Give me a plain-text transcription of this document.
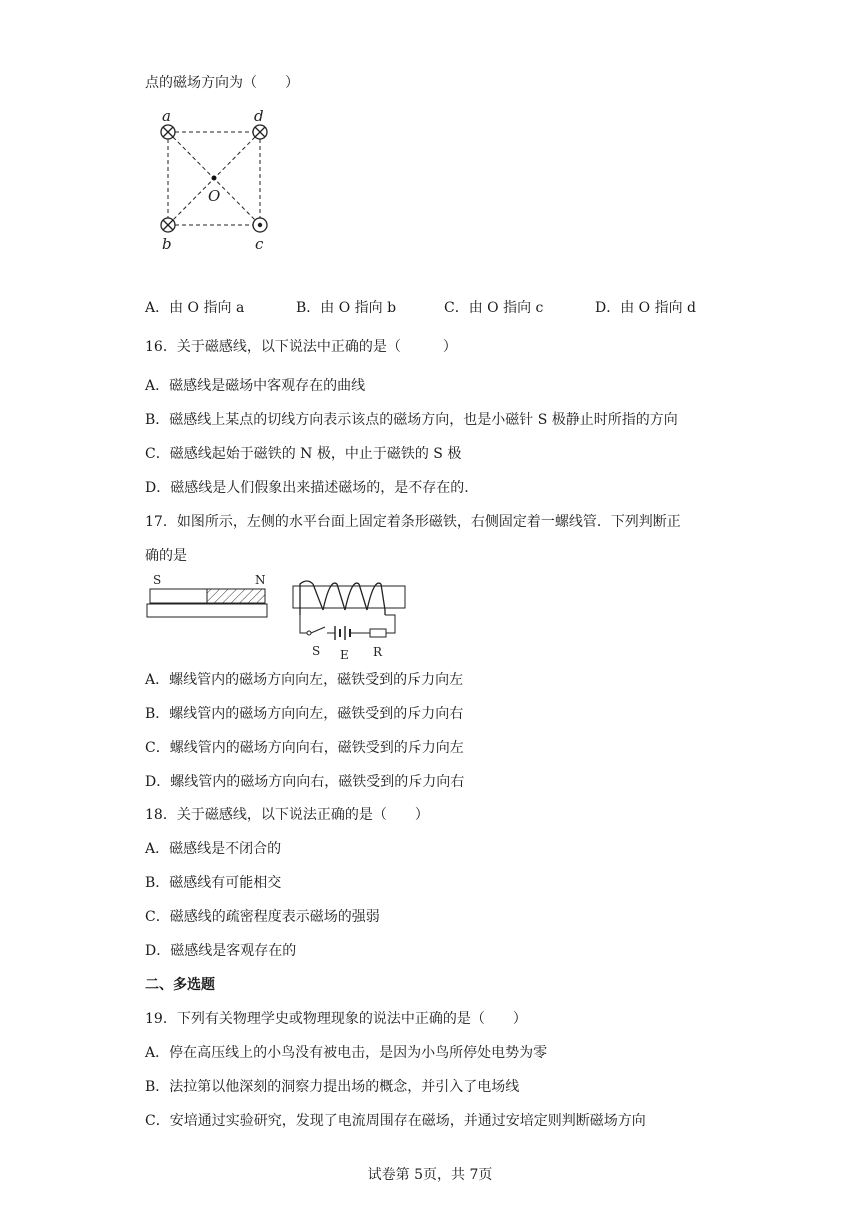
点的磁场方向为（　　）
a	d
O
b	c
A．由 O 指向 a	B．由 O 指向 b	C．由 O 指向 c	D．由 O 指向 d
16．关于磁感线，以下说法中正确的是（　　　）
A．磁感线是磁场中客观存在的曲线
B．磁感线上某点的切线方向表示该点的磁场方向，也是小磁针 S 极静止时所指的方向
C．磁感线起始于磁铁的 N 极，中止于磁铁的 S 极
D．磁感线是人们假象出来描述磁场的，是不存在的.
17．如图所示，左侧的水平台面上固定着条形磁铁，右侧固定着一螺线管．下列判断正
确的是
S	N
S E R
A．螺线管内的磁场方向向左，磁铁受到的斥力向左
B．螺线管内的磁场方向向左，磁铁受到的斥力向右
C．螺线管内的磁场方向向右，磁铁受到的斥力向左
D．螺线管内的磁场方向向右，磁铁受到的斥力向右
18．关于磁感线，以下说法正确的是（　　）
A．磁感线是不闭合的
B．磁感线有可能相交
C．磁感线的疏密程度表示磁场的强弱
D．磁感线是客观存在的
二、多选题
19．下列有关物理学史或物理现象的说法中正确的是（　　）
A．停在高压线上的小鸟没有被电击，是因为小鸟所停处电势为零
B．法拉第以他深刻的洞察力提出场的概念，并引入了电场线
C．安培通过实验研究，发现了电流周围存在磁场，并通过安培定则判断磁场方向
试卷第 5页，共 7页
